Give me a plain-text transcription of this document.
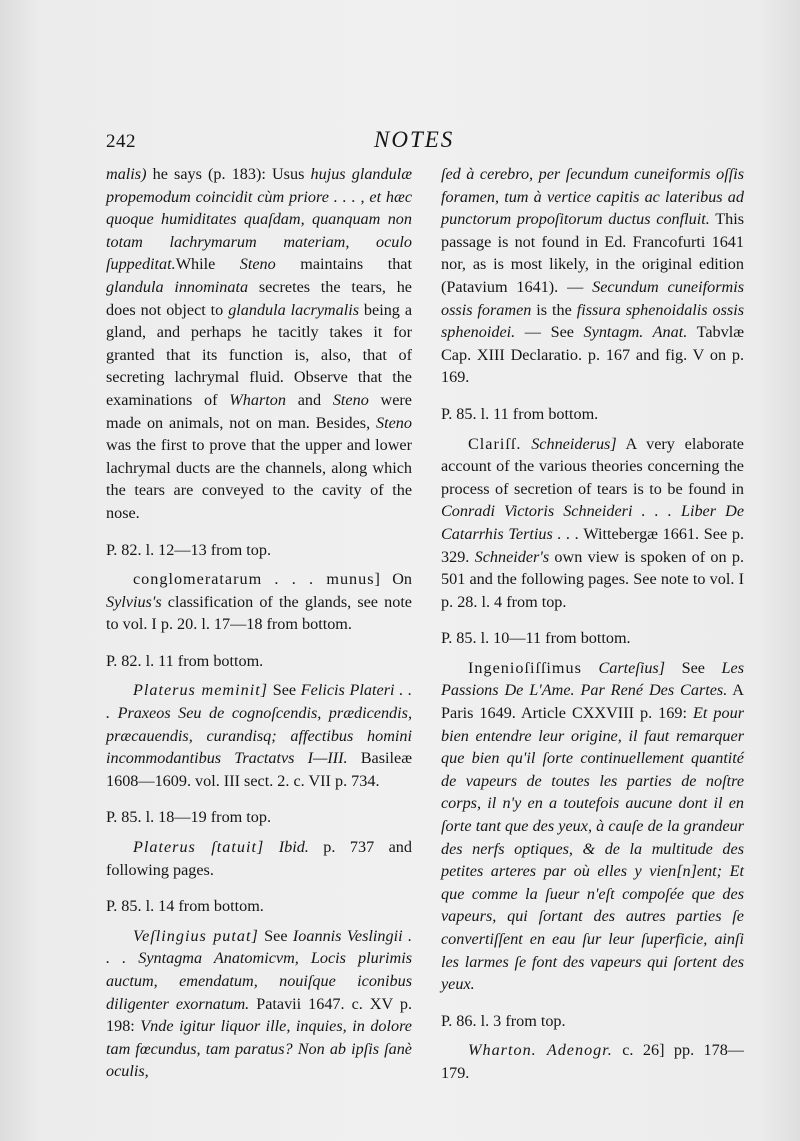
242	NOTES

malis) he says (p. 183): Usus hujus glandulæ propemodum coincidit cùm priore . . . , et hæc quoque humiditates quaſdam, quanquam non totam lachrymarum materiam, oculo ſuppeditat.While Steno maintains that glandula innominata secretes the tears, he does not object to glandula lacrymalis being a gland, and perhaps he tacitly takes it for granted that its function is, also, that of secreting lachrymal fluid. Observe that the examinations of Wharton and Steno were made on animals, not on man. Besides, Steno was the first to prove that the upper and lower lachrymal ducts are the channels, along which the tears are conveyed to the cavity of the nose.

P. 82. l. 12—13 from top.

conglomeratarum . . . munus] On Sylvius's classification of the glands, see note to vol. I p. 20. l. 17—18 from bottom.

P. 82. l. 11 from bottom.

Platerus meminit] See Felicis Plateri . . . Praxeos Seu de cognoſcendis, prædicendis, præcauendis, curandisq; affectibus homini incommodantibus Tractatvs I—III. Basileæ 1608—1609. vol. III sect. 2. c. VII p. 734.

P. 85. l. 18—19 from top.

Platerus ſtatuit] Ibid. p. 737 and following pages.

P. 85. l. 14 from bottom.

Veſlingius putat] See Ioannis Veslingii . . . Syntagma Anatomicvm, Locis plurimis auctum, emendatum, nouiſque iconibus diligenter exornatum. Patavii 1647. c. XV p. 198: Vnde igitur liquor ille, inquies, in dolore tam fœcundus, tam paratus? Non ab ipſis ſanè oculis,

ſed à cerebro, per ſecundum cuneiformis oſſis foramen, tum à vertice capitis ac lateribus ad punctorum propoſitorum ductus confluit. This passage is not found in Ed. Francofurti 1641 nor, as is most likely, in the original edition (Patavium 1641). — Secundum cuneiformis ossis foramen is the fissura sphenoidalis ossis sphenoidei. — See Syntagm. Anat. Tabvlæ Cap. XIII Declaratio. p. 167 and fig. V on p. 169.

P. 85. l. 11 from bottom.

Clariſſ. Schneiderus] A very elaborate account of the various theories concerning the process of secretion of tears is to be found in Conradi Victoris Schneideri . . . Liber De Catarrhis Tertius . . . Wittebergæ 1661. See p. 329. Schneider's own view is spoken of on p. 501 and the following pages. See note to vol. I p. 28. l. 4 from top.

P. 85. l. 10—11 from bottom.

Ingenioſiſſimus Carteſius] See Les Passions De L'Ame. Par René Des Cartes. A Paris 1649. Article CXXVIII p. 169: Et pour bien entendre leur origine, il faut remarquer que bien qu'il ſorte continuellement quantité de vapeurs de toutes les parties de noſtre corps, il n'y en a toutefois aucune dont il en ſorte tant que des yeux, à cauſe de la grandeur des nerfs optiques, & de la multitude des petites arteres par où elles y vien[n]ent; Et que comme la ſueur n'eſt compoſée que des vapeurs, qui ſortant des autres parties ſe convertiſſent en eau ſur leur ſuperficie, ainſi les larmes ſe font des vapeurs qui ſortent des yeux.

P. 86. l. 3 from top.

Wharton. Adenogr. c. 26] pp. 178—179.
